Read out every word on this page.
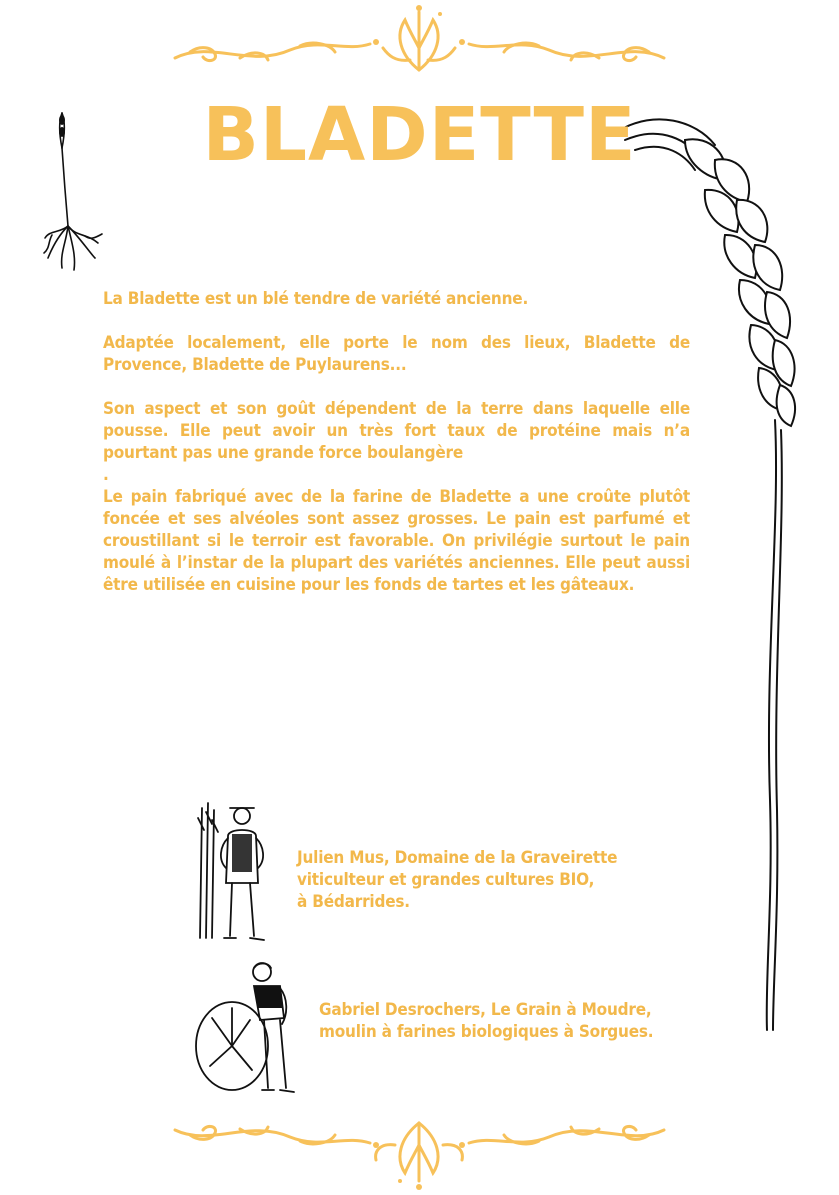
BLADETTE

La Bladette est un blé tendre de variété ancienne.

Adaptée localement, elle porte le nom des lieux, Bladette de Provence, Bladette de Puylaurens...

Son aspect et son goût dépendent de la terre dans laquelle elle pousse. Elle peut avoir un très fort taux de protéine mais n’a pourtant pas une grande force boulangère

.

Le pain fabriqué avec de la farine de Bladette a une croûte plutôt foncée et ses alvéoles sont assez grosses. Le pain est parfumé et croustillant si le terroir est favorable. On privilégie surtout le pain moulé à l’instar de la plupart des variétés anciennes. Elle peut aussi être utilisée en cuisine pour les fonds de tartes et les gâteaux.

Julien Mus, Domaine de la Graveirette
viticulteur et grandes cultures BIO,
à Bédarrides.
Gabriel Desrochers, Le Grain à Moudre,
moulin à farines biologiques à Sorgues.
